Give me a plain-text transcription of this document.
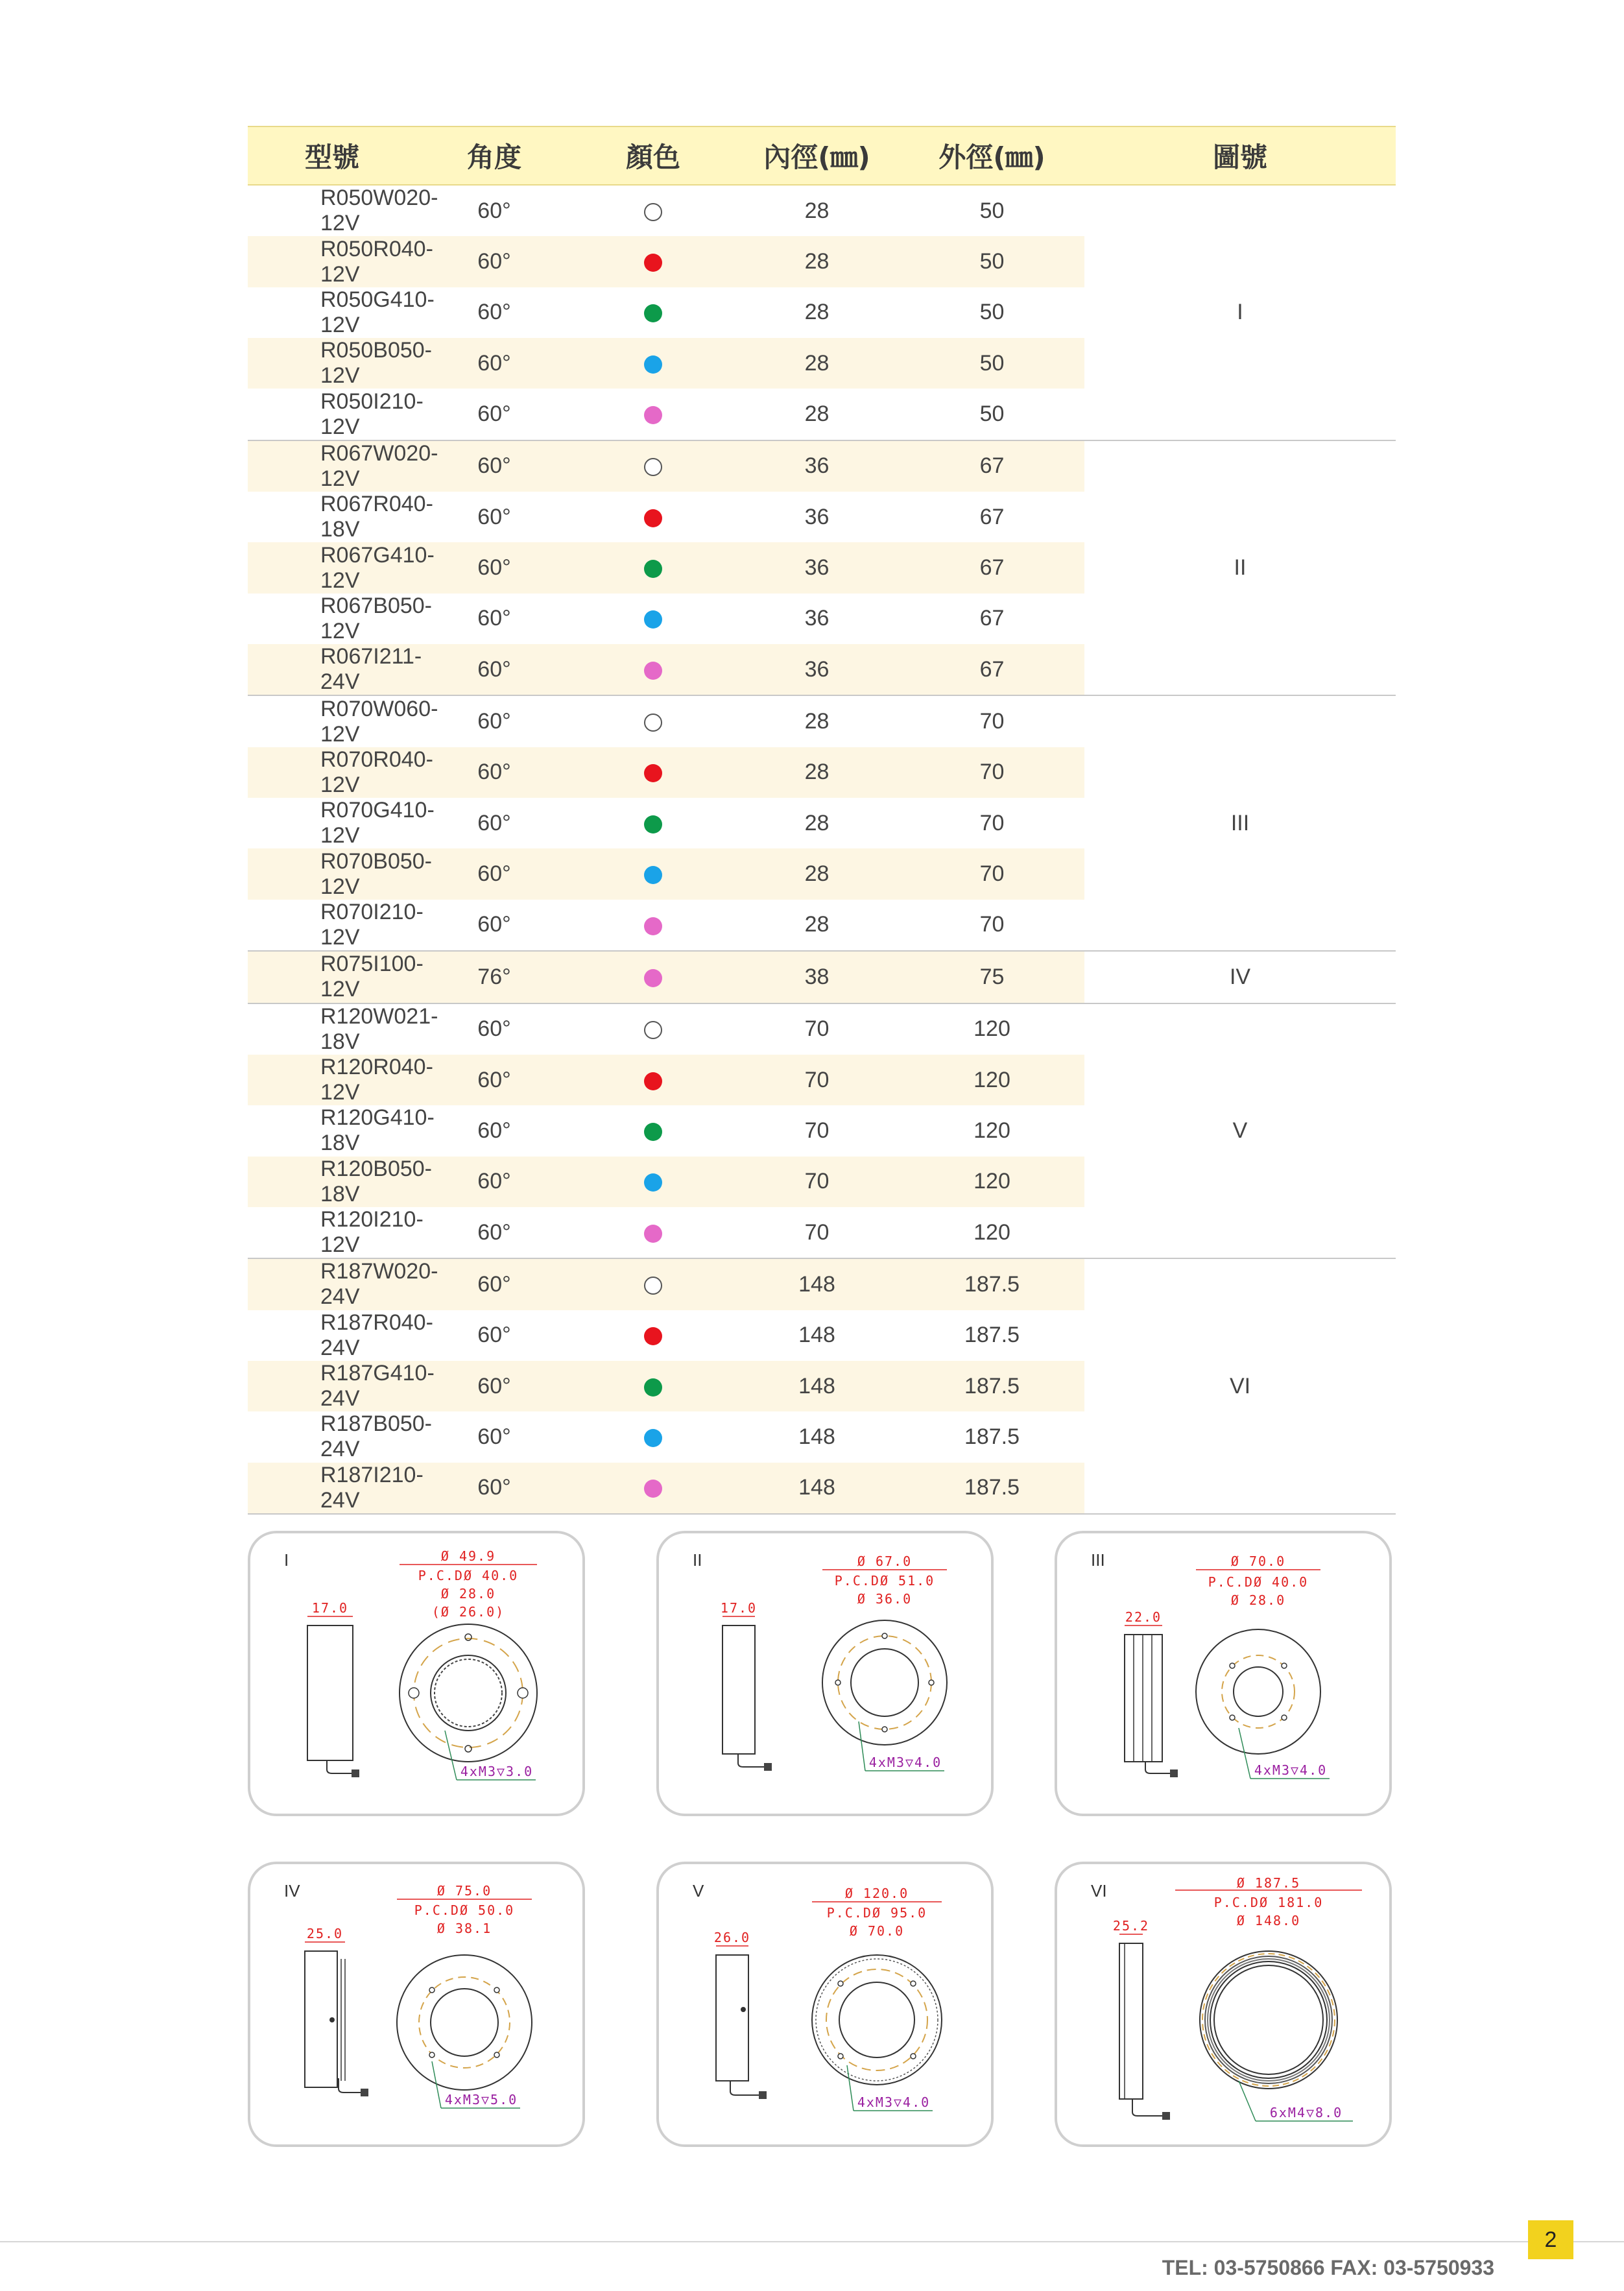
型號	角度	顏色	內徑(㎜)	外徑(㎜)	圖號
R050W020-12V	60°		28	50	I
R050R040-12V	60°		28	50	
R050G410-12V	60°		28	50	
R050B050-12V	60°		28	50	
R050I210-12V	60°		28	50	
R067W020-12V	60°		36	67	II
R067R040-18V	60°		36	67	
R067G410-12V	60°		36	67	
R067B050-12V	60°		36	67	
R067I211-24V	60°		36	67	
R070W060-12V	60°		28	70	III
R070R040-12V	60°		28	70	
R070G410-12V	60°		28	70	
R070B050-12V	60°		28	70	
R070I210-12V	60°		28	70	
R075I100-12V	76°		38	75	IV
R120W021-18V	60°		70	120	V
R120R040-12V	60°		70	120	
R120G410-18V	60°		70	120	
R120B050-18V	60°		70	120	
R120I210-12V	60°		70	120	
R187W020-24V	60°		148	187.5	VI
R187R040-24V	60°		148	187.5	
R187G410-24V	60°		148	187.5	
R187B050-24V	60°		148	187.5	
R187I210-24V	60°		148	187.5	
I
17.0
Ø 49.9
P.C.DØ 40.0
Ø 28.0
(Ø 26.0)
4xM3▽3.0
II
17.0
Ø 67.0
P.C.DØ 51.0
Ø 36.0
4xM3▽4.0
III
22.0
Ø 70.0
P.C.DØ 40.0
Ø 28.0
4xM3▽4.0
IV
25.0
Ø 75.0
P.C.DØ 50.0
Ø 38.1
4xM3▽5.0
V
26.0
Ø 120.0
P.C.DØ 95.0
Ø 70.0
4xM3▽4.0
VI
25.2
Ø 187.5
P.C.DØ 181.0
Ø 148.0
6xM4▽8.0
2
TEL: 03-5750866 FAX: 03-5750933
